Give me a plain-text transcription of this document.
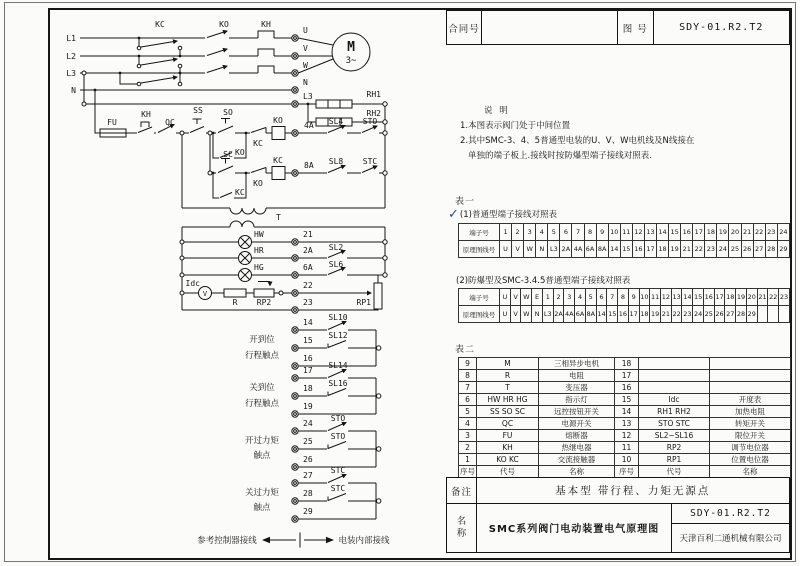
L1
L2
L3
N
KC	KO	KH
U
V
W
N
M
3~
L3	RH1
RH2
FU
KH
QC
SS	SO
KO
KC
KO
4A SL4 STO
SC
KC
KO
KC
8A SL8 STC
T
HW
HR
HG
21
2A
6A
SL2
SL6
Idc
V
R RP2
22
23	RP1
14
15
16
SL10
SL12
开到位
行程触点
17
18
19
SL14
SL16
关到位
行程触点
24
25
26
STO
STO
开过力矩
触点
27
28
29
STC
STC
关过力矩
触点
参考控制器接线	电装内部接线
合同号	图 号	SDY-01.R2.T2
说 明
1.本图表示阀门处于中间位置
2.其中SMC-3、4、5普通型电装的U、V、W电机线及N线接在
单独的端子板上.接线时按防爆型端子接线对照表.
表一
✓(1)普通型端子接线对照表
端子号	1	2	3	4	5	6	7	8	9	10	11	12	13	14	15	16	17	18	19	20	21	22	23	24
原理图线号	U	V	W	N	L3	2A	4A	6A	8A	14	15	16	17	18	19	21	22	23	24	25	26	27	28	29
(2)防爆型及SMC-3.4.5普通型端子接线对照表
端子号	U	V	W	E	1	2	3	4	5	6	7	8	9	10	11	12	13	14	15	16	17	18	19	20	21	22	23
原理图线号	U	V	W	N	L3	2A	4A	6A	8A	14	15	16	17	18	19	21	22	23	24	25	26	27	28	29			
表二
9	M	三相异步电机	18		
8	R	电阻	17		
7	T	变压器	16		
6	HW HR HG	指示灯	15	Idc	开度表
5	SS SO SC	远控按钮开关	14	RH1 RH2	加热电阻
4	QC	电源开关	13	STO STC	转矩开关
3	FU	熔断器	12	SL2~SL16	限位开关
2	KH	热继电器	11	RP2	调节电位器
1	KO KC	交流接触器	10	RP1	位置电位器
序号	代号	名称	序号	代号	名称
备注	基本型 带行程、力矩无源点
名
称	SMC系列阀门电动装置电气原理图
SDY-01.R2.T2
天津百利二通机械有限公司
